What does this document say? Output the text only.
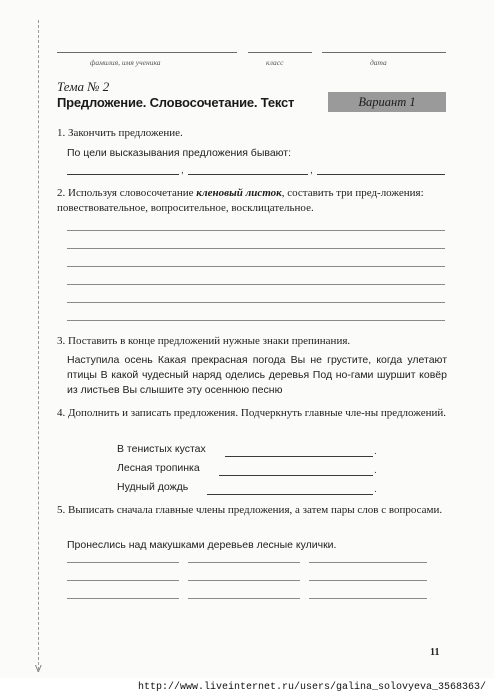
V
фамилия, имя ученика	класс	дата
Тема № 2
Предложение. Словосочетание. Текст	Вариант 1
1. Закончить предложение.
По цели высказывания предложения бывают:
,	,
2. Используя словосочетание кленовый листок, составить три пред-ложения: повествовательное, вопросительное, восклицательное.
3. Поставить в конце предложений нужные знаки препинания.
Наступила осень Какая прекрасная погода Вы не грустите, когда улетают птицы В какой чудесный наряд оделись деревья Под но-гами шуршит ковёр из листьев Вы слышите эту осеннюю песню
4. Дополнить и записать предложения. Подчеркнуть главные чле-ны предложений.
В тенистых кустах	.
Лесная тропинка	.
Нудный дождь	.
5. Выписать сначала главные члены предложения, а затем пары слов с вопросами.
Пронеслись над макушками деревьев лесные кулички.
11
http://www.liveinternet.ru/users/galina_solovyeva_3568363/
